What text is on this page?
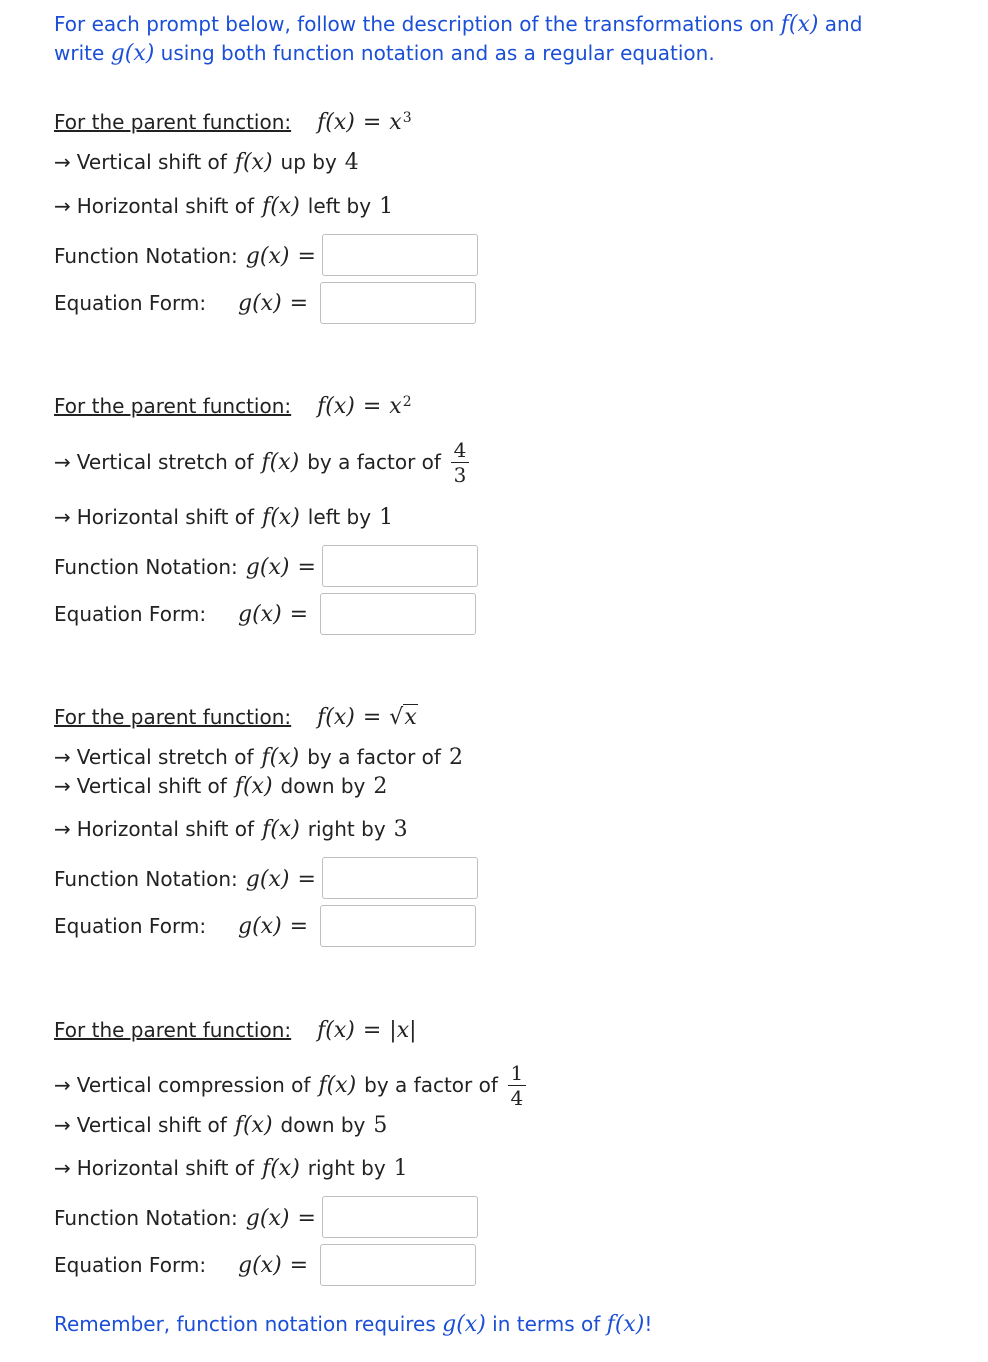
For each prompt below, follow the description of the transformations on f(x) and
write g(x) using both function notation and as a regular equation.
For the parent function: $f(x) = x^3$
→ Vertical shift of f(x) up by 4
→ Horizontal shift of f(x) left by 1
Function Notation: g(x) =
Equation Form:	g(x) =
For the parent function: $f(x) = x^2$
→ Vertical stretch of f(x) by a factor of $\frac{4}{3}$
→ Horizontal shift of f(x) left by 1
Function Notation: g(x) =
Equation Form:	g(x) =
For the parent function: f(x) = √ x
→ Vertical stretch of f(x) by a factor of 2
→ Vertical shift of f(x) down by 2
→ Horizontal shift of f(x) right by 3
Function Notation: g(x) =
Equation Form:	g(x) =
For the parent function: f(x) = |x|
→ Vertical compression of f(x) by a factor of $\frac{1}{4}$
→ Vertical shift of f(x) down by 5
→ Horizontal shift of f(x) right by 1
Function Notation: g(x) =
Equation Form:	g(x) =
Remember, function notation requires g(x) in terms of f(x)!
